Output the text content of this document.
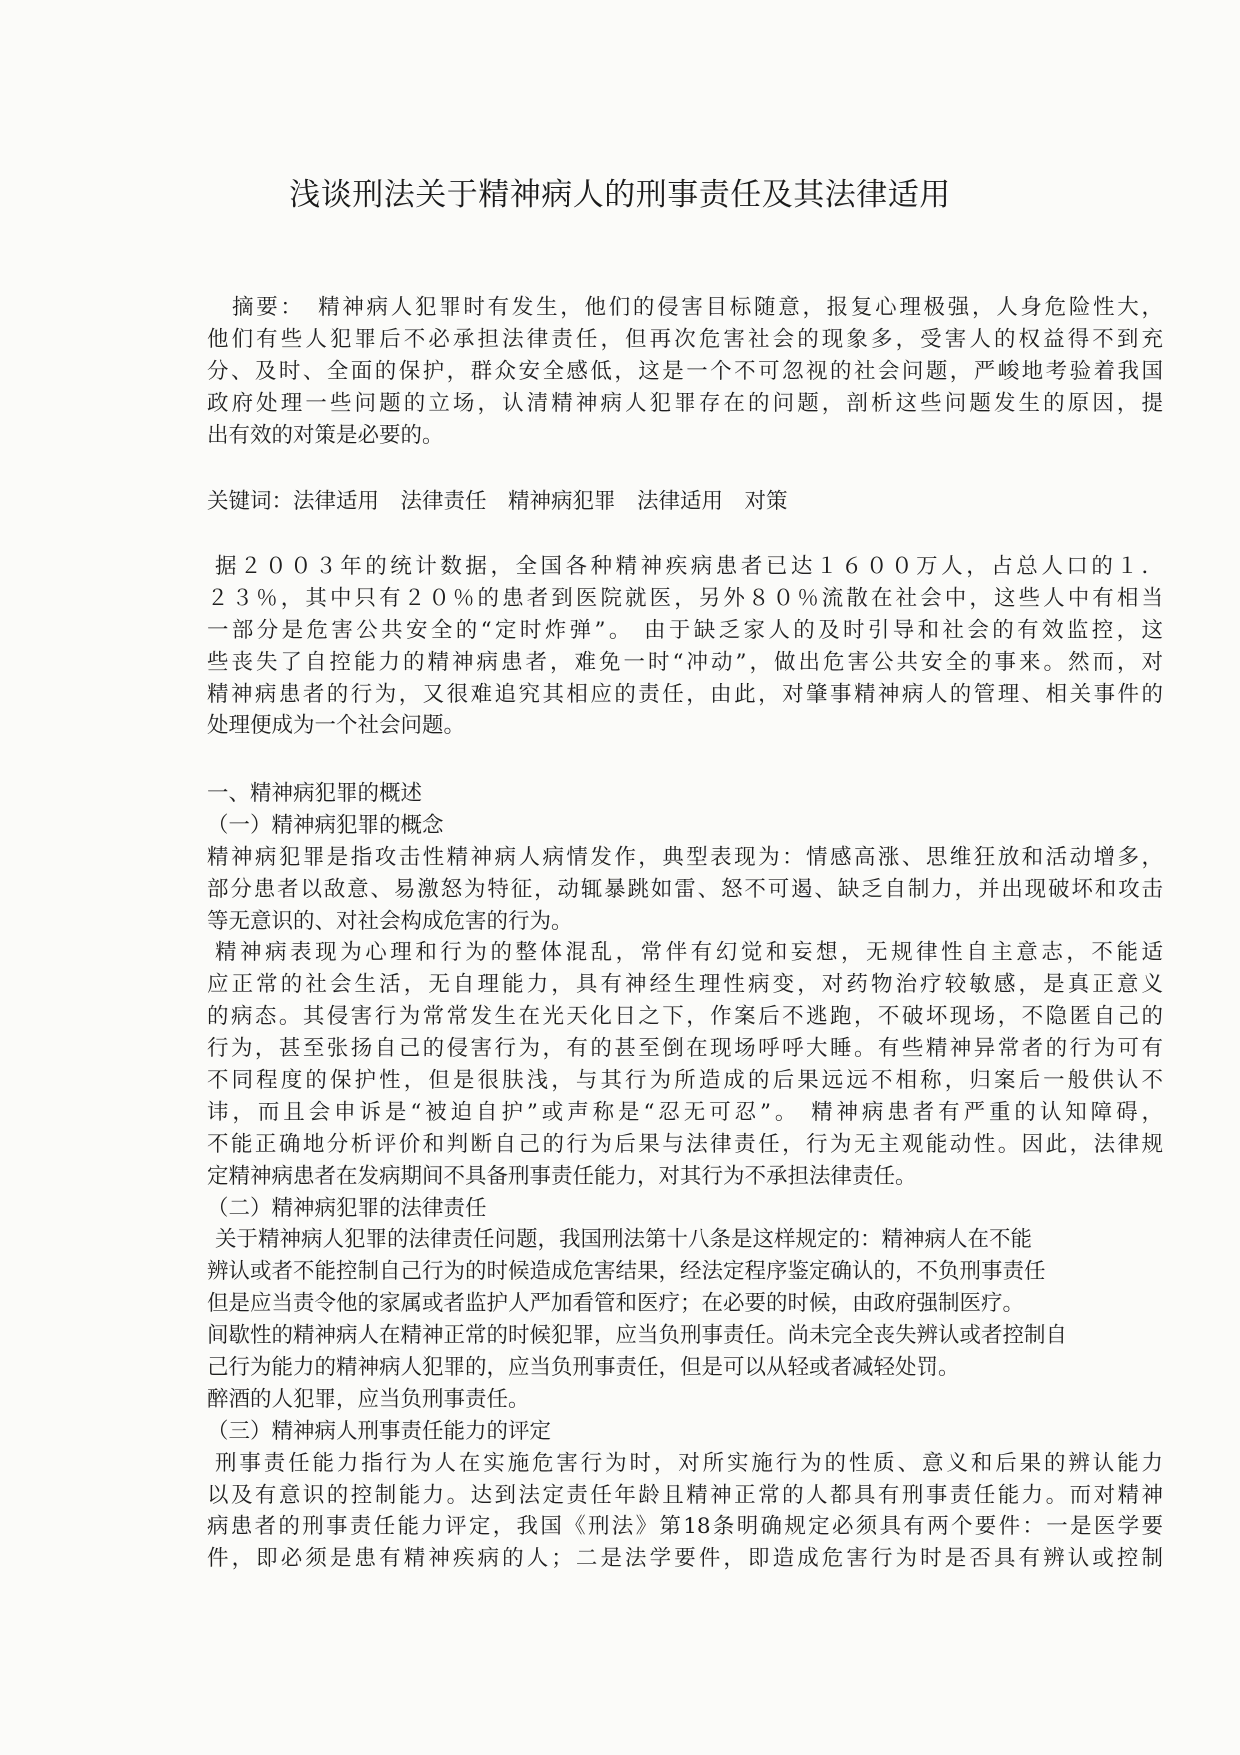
浅谈刑法关于精神病人的刑事责任及其法律适用
摘要：　精神病人犯罪时有发生，他们的侵害目标随意，报复心理极强，人身危险性大，
他们有些人犯罪后不必承担法律责任，但再次危害社会的现象多，受害人的权益得不到充
分、及时、全面的保护，群众安全感低，这是一个不可忽视的社会问题，严峻地考验着我国
政府处理一些问题的立场，认清精神病人犯罪存在的问题，剖析这些问题发生的原因，提
出有效的对策是必要的。
关键词：法律适用　法律责任　精神病犯罪　法律适用　对策
据２００３年的统计数据，全国各种精神疾病患者已达１６００万人，占总人口的１．
２３％，其中只有２０％的患者到医院就医，另外８０％流散在社会中，这些人中有相当
一部分是危害公共安全的“定时炸弹”。 由于缺乏家人的及时引导和社会的有效监控，这
些丧失了自控能力的精神病患者，难免一时“冲动”，做出危害公共安全的事来。然而，对
精神病患者的行为，又很难追究其相应的责任，由此，对肇事精神病人的管理、相关事件的
处理便成为一个社会问题。
一、精神病犯罪的概述
（一）精神病犯罪的概念
精神病犯罪是指攻击性精神病人病情发作，典型表现为：情感高涨、思维狂放和活动增多，
部分患者以敌意、易激怒为特征，动辄暴跳如雷、怒不可遏、缺乏自制力，并出现破坏和攻击
等无意识的、对社会构成危害的行为。
精神病表现为心理和行为的整体混乱，常伴有幻觉和妄想，无规律性自主意志，不能适
应正常的社会生活，无自理能力，具有神经生理性病变，对药物治疗较敏感，是真正意义
的病态。其侵害行为常常发生在光天化日之下，作案后不逃跑，不破坏现场，不隐匿自己的
行为，甚至张扬自己的侵害行为，有的甚至倒在现场呼呼大睡。有些精神异常者的行为可有
不同程度的保护性，但是很肤浅，与其行为所造成的后果远远不相称，归案后一般供认不
讳，而且会申诉是“被迫自护”或声称是“忍无可忍”。 精神病患者有严重的认知障碍，
不能正确地分析评价和判断自己的行为后果与法律责任，行为无主观能动性。因此，法律规
定精神病患者在发病期间不具备刑事责任能力，对其行为不承担法律责任。
（二）精神病犯罪的法律责任
关于精神病人犯罪的法律责任问题，我国刑法第十八条是这样规定的：精神病人在不能
辨认或者不能控制自己行为的时候造成危害结果，经法定程序鉴定确认的，不负刑事责任
但是应当责令他的家属或者监护人严加看管和医疗；在必要的时候，由政府强制医疗。
间歇性的精神病人在精神正常的时候犯罪，应当负刑事责任。尚未完全丧失辨认或者控制自
己行为能力的精神病人犯罪的，应当负刑事责任，但是可以从轻或者减轻处罚。
醉酒的人犯罪，应当负刑事责任。
（三）精神病人刑事责任能力的评定
刑事责任能力指行为人在实施危害行为时，对所实施行为的性质、意义和后果的辨认能力
以及有意识的控制能力。达到法定责任年龄且精神正常的人都具有刑事责任能力。而对精神
病患者的刑事责任能力评定，我国《刑法》第18条明确规定必须具有两个要件：一是医学要
件，即必须是患有精神疾病的人；二是法学要件，即造成危害行为时是否具有辨认或控制
